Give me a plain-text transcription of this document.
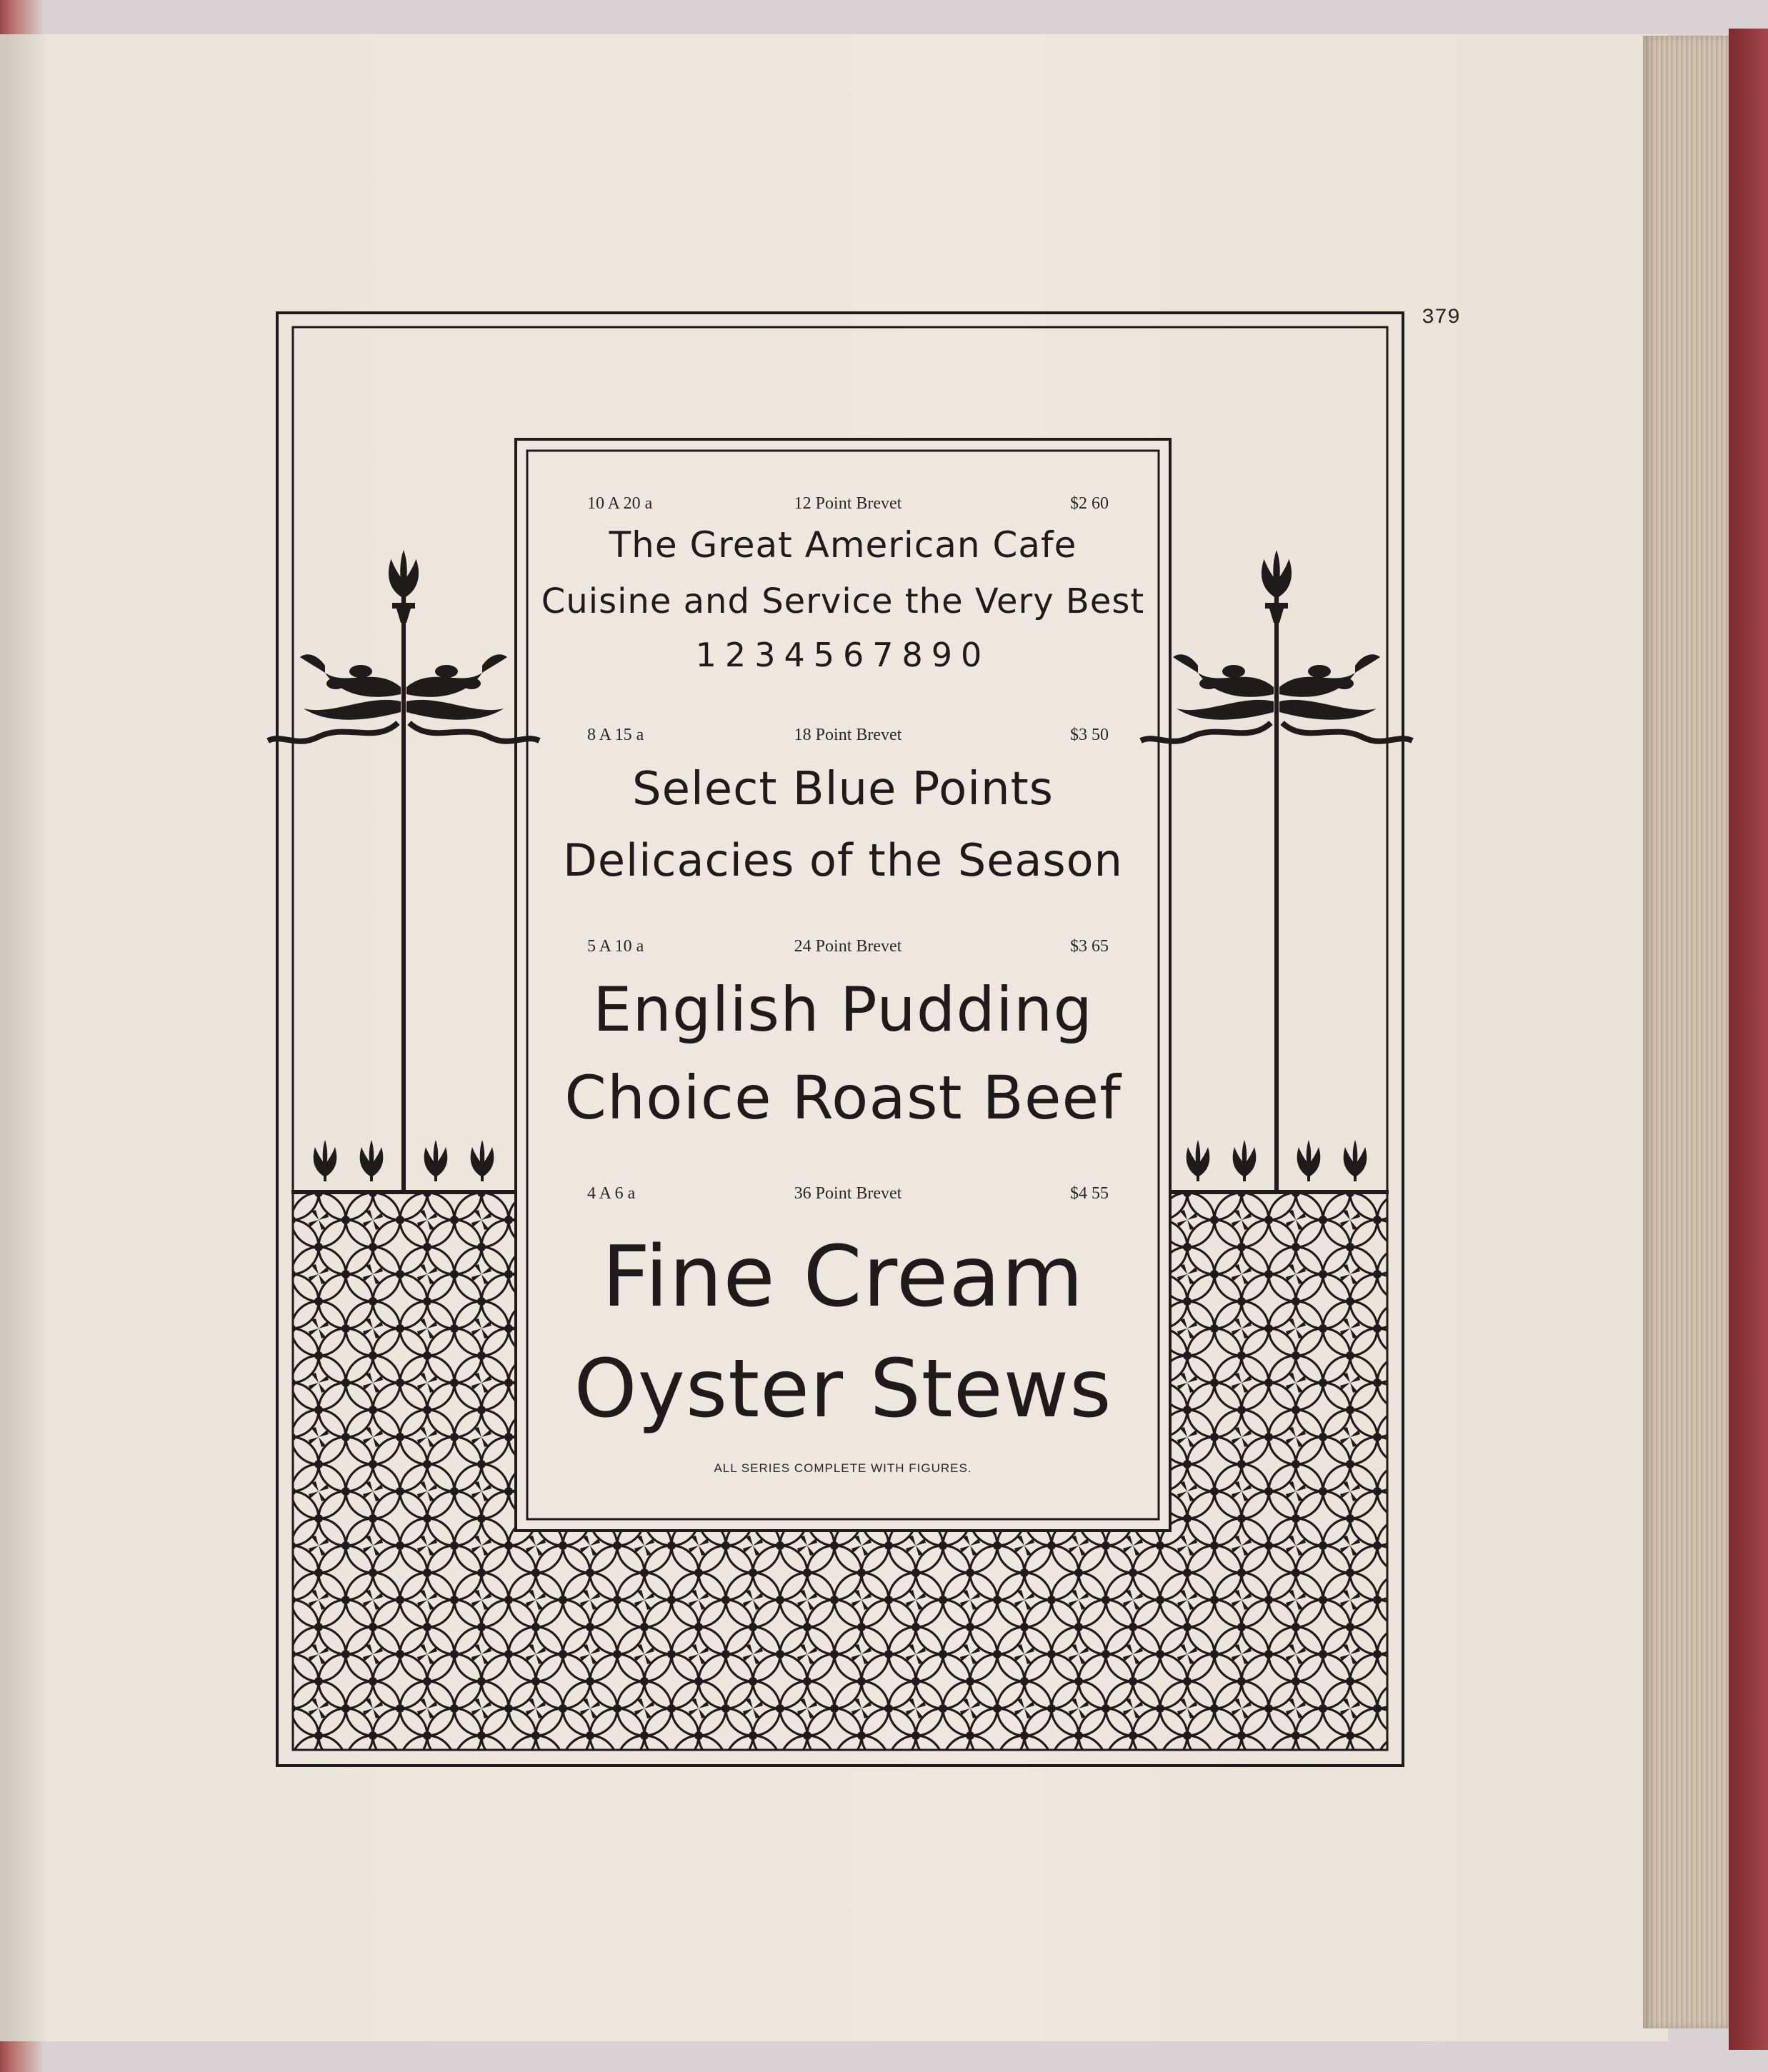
379
10 A 20 a	12 Point Brevet	$2 60
The Great American Cafe
Cuisine and Service the Very Best
1234567890
8 A 15 a	18 Point Brevet	$3 50
Select Blue Points
Delicacies of the Season
5 A 10 a	24 Point Brevet	$3 65
English Pudding
Choice Roast Beef
4 A 6 a	36 Point Brevet	$4 55
Fine Cream
Oyster Stews
ALL SERIES COMPLETE WITH FIGURES.
